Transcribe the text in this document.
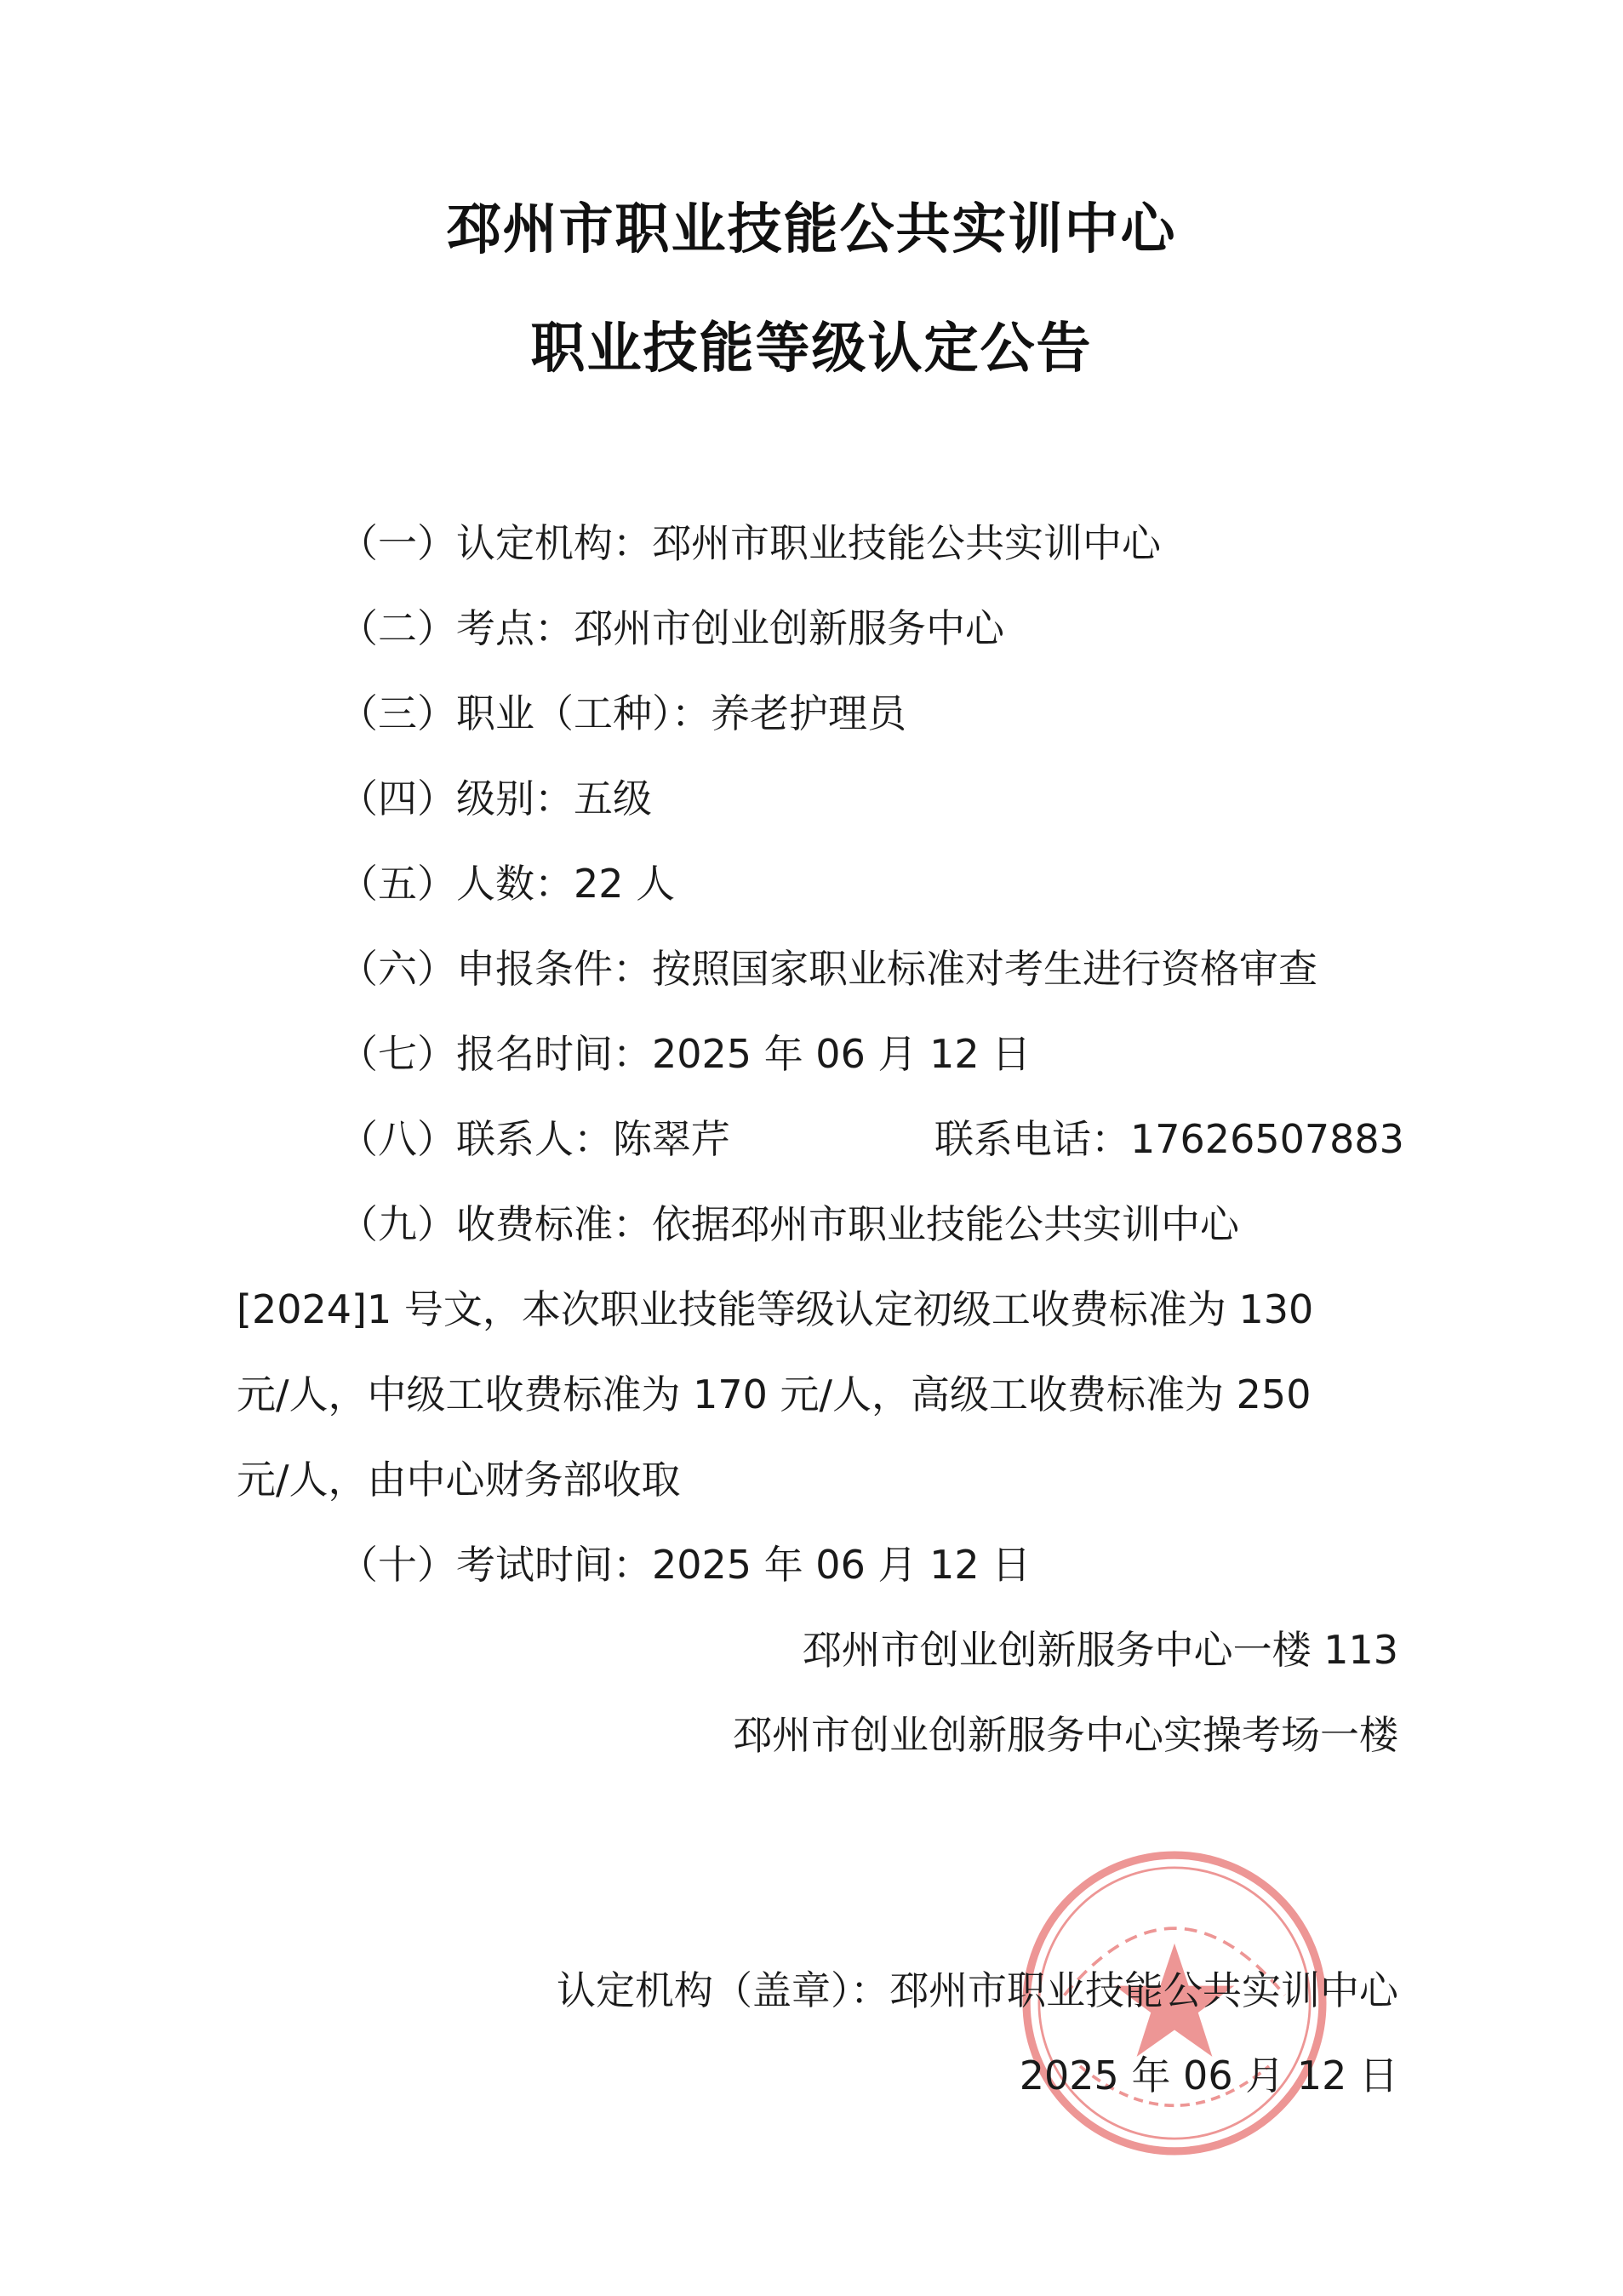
邳州市职业技能公共实训中心
职业技能等级认定公告
（一）认定机构：邳州市职业技能公共实训中心
（二）考点：邳州市创业创新服务中心
（三）职业（工种）：养老护理员
（四）级别：五级
（五）人数：22 人
（六）申报条件：按照国家职业标准对考生进行资格审查
（七）报名时间：2025 年 06 月 12 日
（八）联系人：陈翠芹	联系电话：17626507883
（九）收费标准：依据邳州市职业技能公共实训中心
[2024]1 号文，本次职业技能等级认定初级工收费标准为 130
元/人，中级工收费标准为 170 元/人，高级工收费标准为 250
元/人，由中心财务部收取
（十）考试时间：2025 年 06 月 12 日
邳州市创业创新服务中心一楼 113
邳州市创业创新服务中心实操考场一楼
认定机构（盖章）：邳州市职业技能公共实训中心
2025 年 06 月 12 日
